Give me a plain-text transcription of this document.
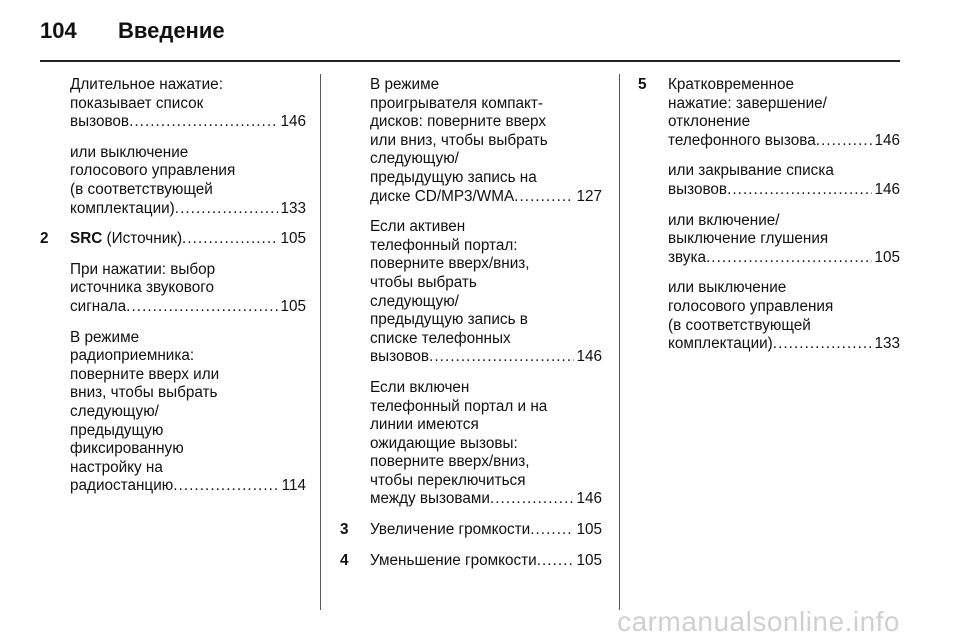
104 Введение
Длительное нажатие:
показывает список
вызовов . . .	146
или выключение
голосового управления
(в соответствующей
комплектации) . . .	133
2 SRC (Источник) . . .	105
При нажатии: выбор
источника звукового
сигнала . . .	105
В режиме
радиоприемника:
поверните вверх или
вниз, чтобы выбрать
следующую/
предыдущую
фиксированную
настройку на
радиостанцию . . .	114
В режиме
проигрывателя компакт-
дисков: поверните вверх
или вниз, чтобы выбрать
следующую/
предыдущую запись на
диске CD/MP3/WMA . . .	127
Если активен
телефонный портал:
поверните вверх/вниз,
чтобы выбрать
следующую/
предыдущую запись в
списке телефонных
вызовов . . .	146
Если включен
телефонный портал и на
линии имеются
ожидающие вызовы:
поверните вверх/вниз,
чтобы переключиться
между вызовами . . .	146
3 Увеличение громкости . . .	105
4 Уменьшение громкости . . .	105
5 Кратковременное
нажатие: завершение/
отклонение
телефонного вызова . . .	146
или закрывание списка
вызовов . . .	146
или включение/
выключение глушения
звука . . .	105
или выключение
голосового управления
(в соответствующей
комплектации) . . .	133
carmanualsonline.info
